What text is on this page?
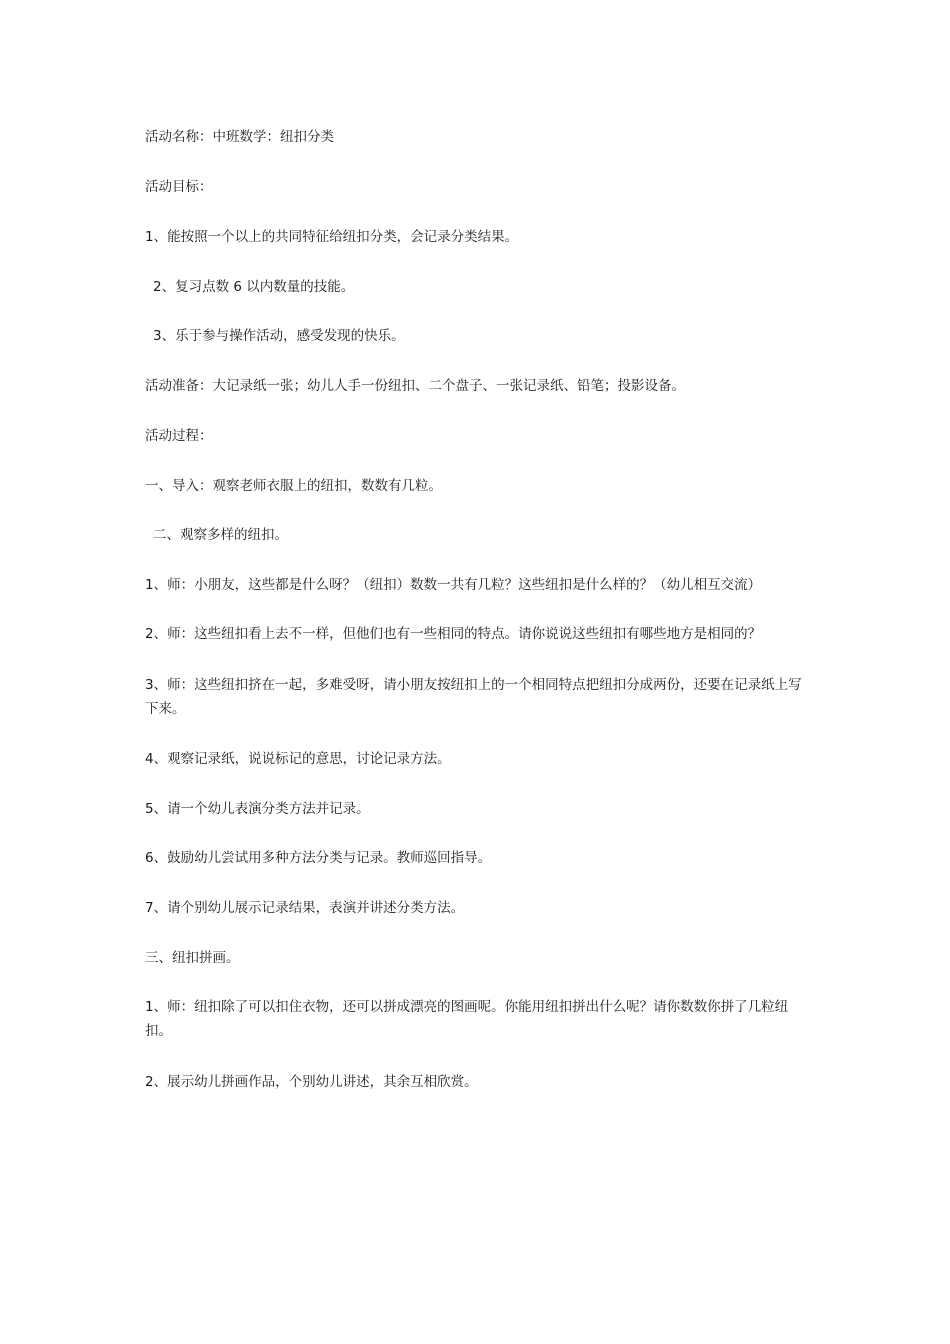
活动名称：中班数学：纽扣分类

活动目标：

1、能按照一个以上的共同特征给纽扣分类，会记录分类结果。

2、复习点数 6 以内数量的技能。

3、乐于参与操作活动，感受发现的快乐。

活动准备：大记录纸一张；幼儿人手一份纽扣、二个盘子、一张记录纸、铅笔；投影设备。

活动过程：

一、导入：观察老师衣服上的纽扣，数数有几粒。

二、观察多样的纽扣。

1、师：小朋友，这些都是什么呀？（纽扣）数数一共有几粒？这些纽扣是什么样的？（幼儿相互交流）

2、师：这些纽扣看上去不一样，但他们也有一些相同的特点。请你说说这些纽扣有哪些地方是相同的？

3、师：这些纽扣挤在一起，多难受呀，请小朋友按纽扣上的一个相同特点把纽扣分成两份，还要在记录纸上写下来。

4、观察记录纸，说说标记的意思，讨论记录方法。

5、请一个幼儿表演分类方法并记录。

6、鼓励幼儿尝试用多种方法分类与记录。教师巡回指导。

7、请个别幼儿展示记录结果，表演并讲述分类方法。

三、纽扣拼画。

1、师：纽扣除了可以扣住衣物，还可以拼成漂亮的图画呢。你能用纽扣拼出什么呢？请你数数你拼了几粒纽扣。

2、展示幼儿拼画作品，个别幼儿讲述，其余互相欣赏。
